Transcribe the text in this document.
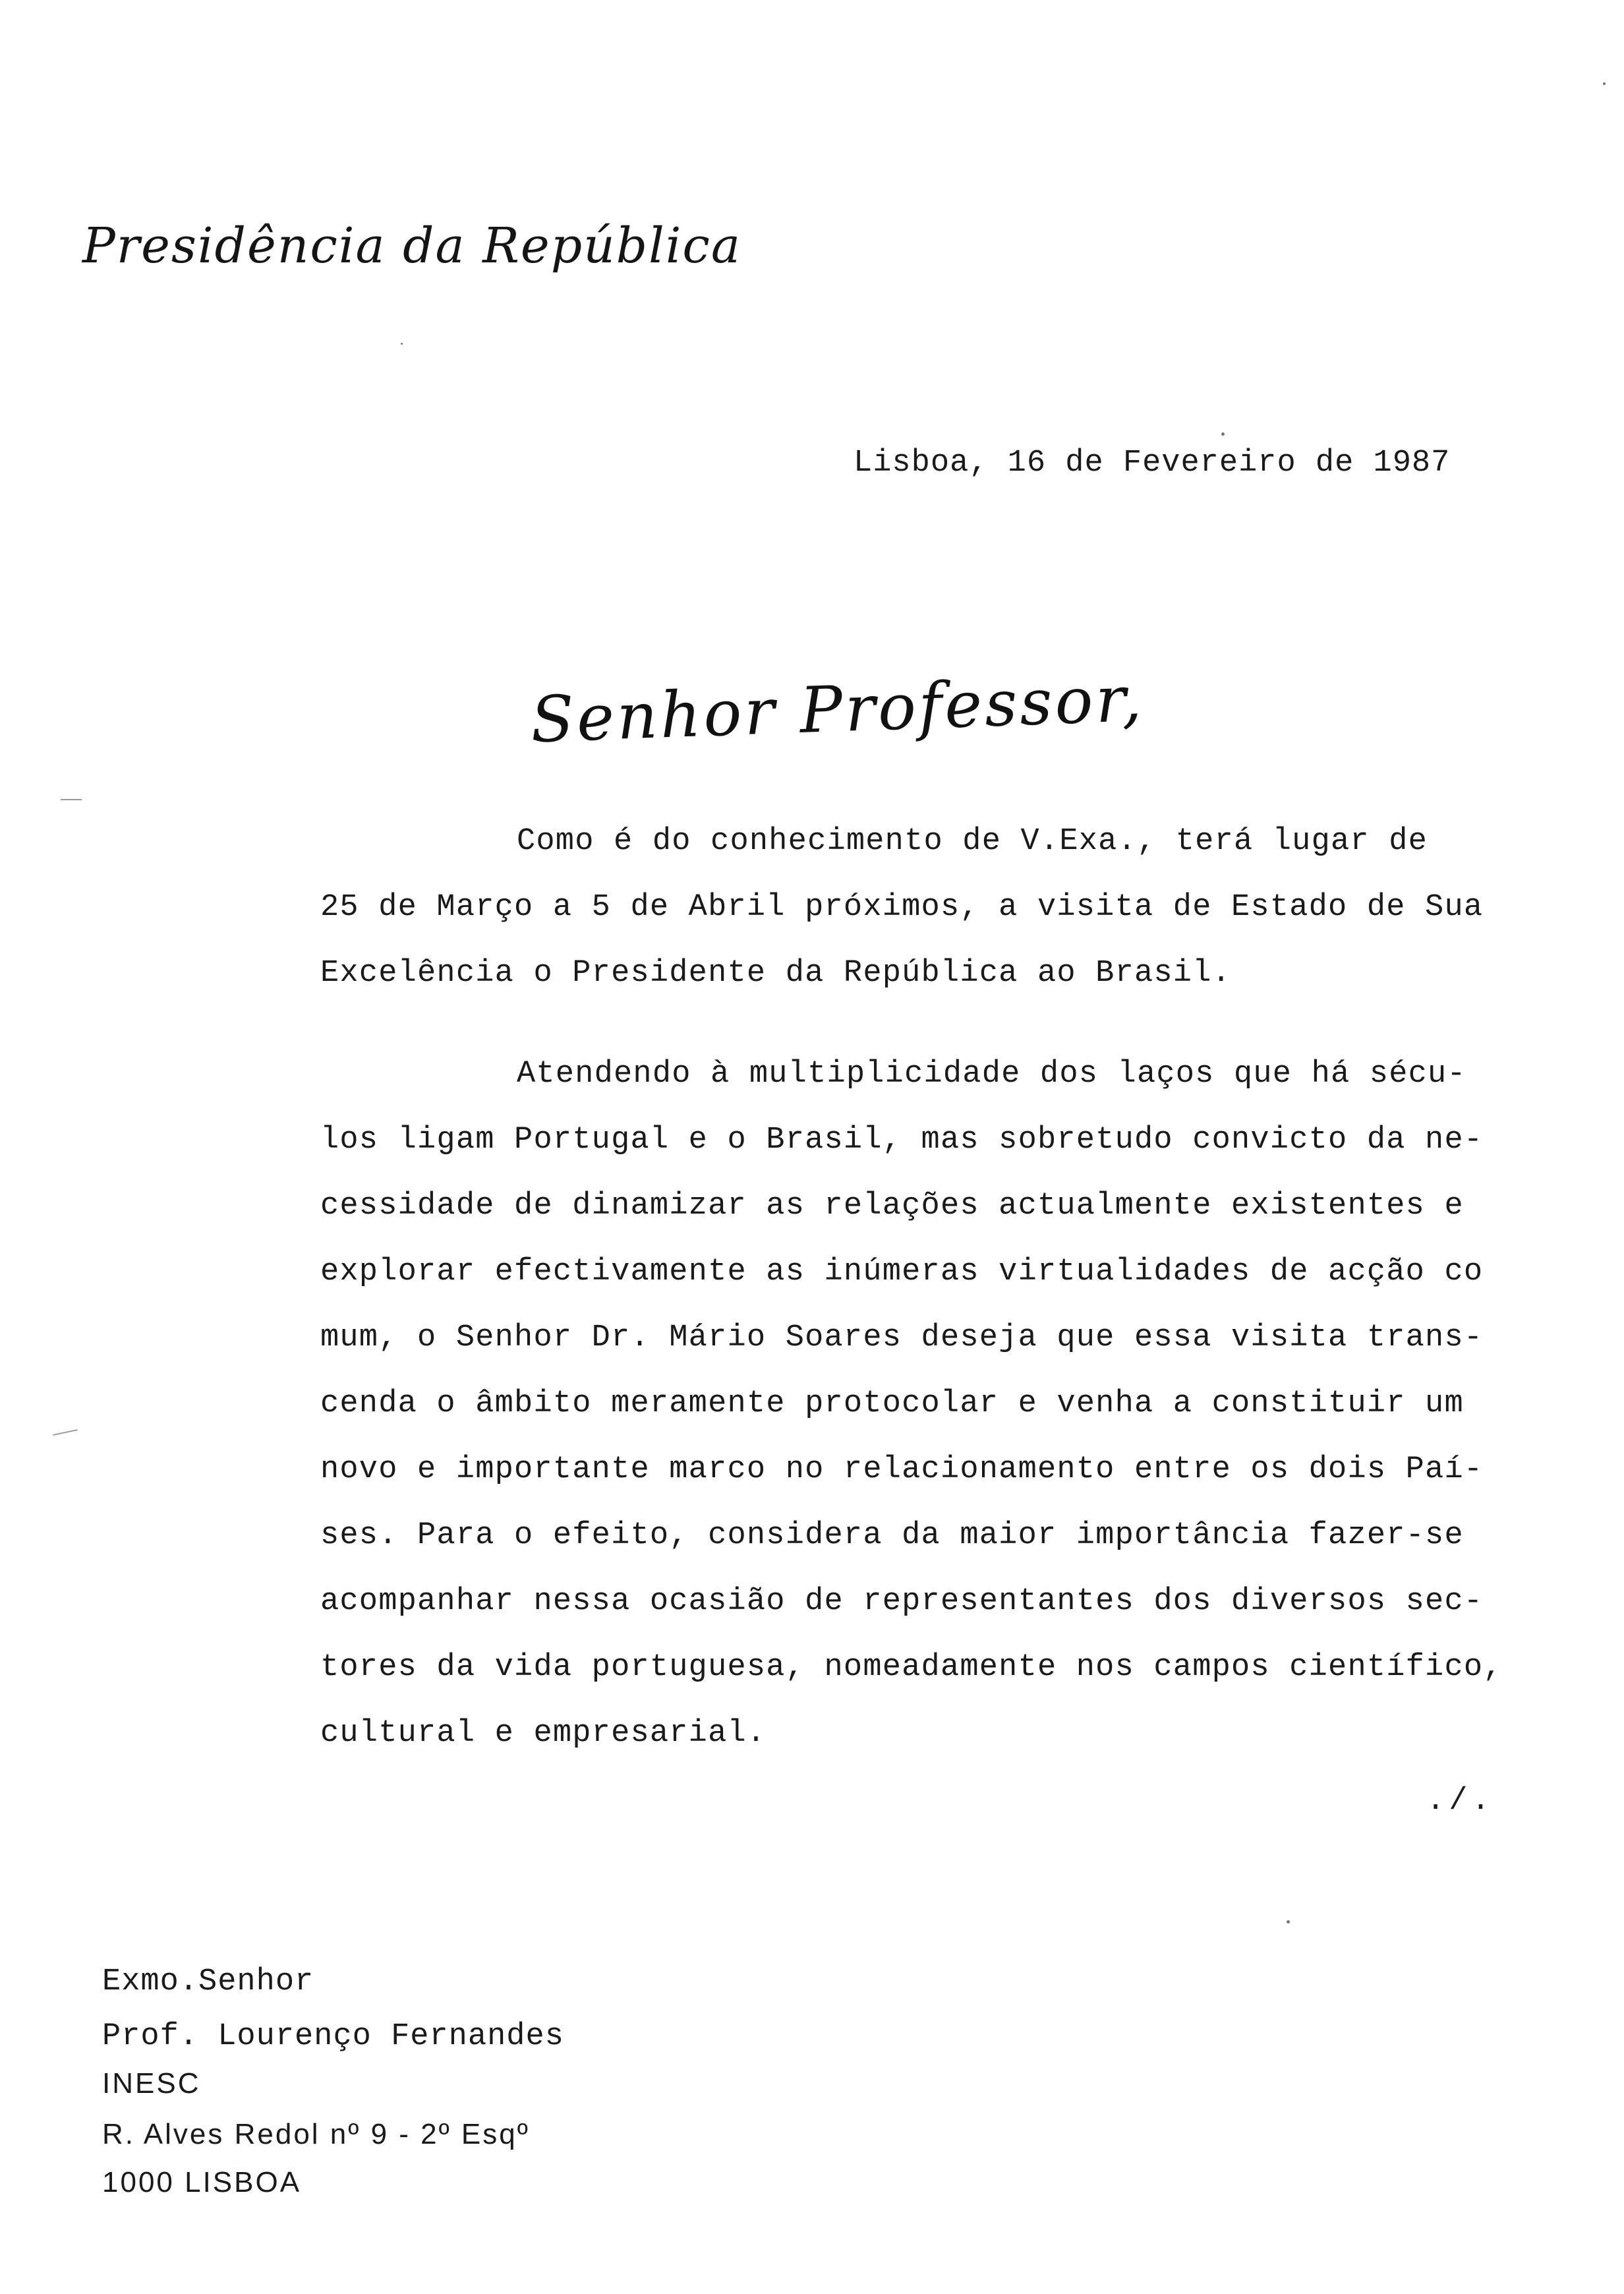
Presidência da República
Lisboa, 16 de Fevereiro de 1987
Senhor Professor,
Como é do conhecimento de V.Exa., terá lugar de
25 de Março a 5 de Abril próximos, a visita de Estado de Sua
Excelência o Presidente da República ao Brasil.
Atendendo à multiplicidade dos laços que há sécu-
los ligam Portugal e o Brasil, mas sobretudo convicto da ne-
cessidade de dinamizar as relações actualmente existentes e
explorar efectivamente as inúmeras virtualidades de acção co
mum, o Senhor Dr. Mário Soares deseja que essa visita trans-
cenda o âmbito meramente protocolar e venha a constituir um
novo e importante marco no relacionamento entre os dois Paí-
ses. Para o efeito, considera da maior importância fazer-se
acompanhar nessa ocasião de representantes dos diversos sec-
tores da vida portuguesa, nomeadamente nos campos científico,
cultural e empresarial.
./.
Exmo.Senhor
Prof. Lourenço Fernandes
INESC
R. Alves Redol nº 9 - 2º Esqº
1000 LISBOA
